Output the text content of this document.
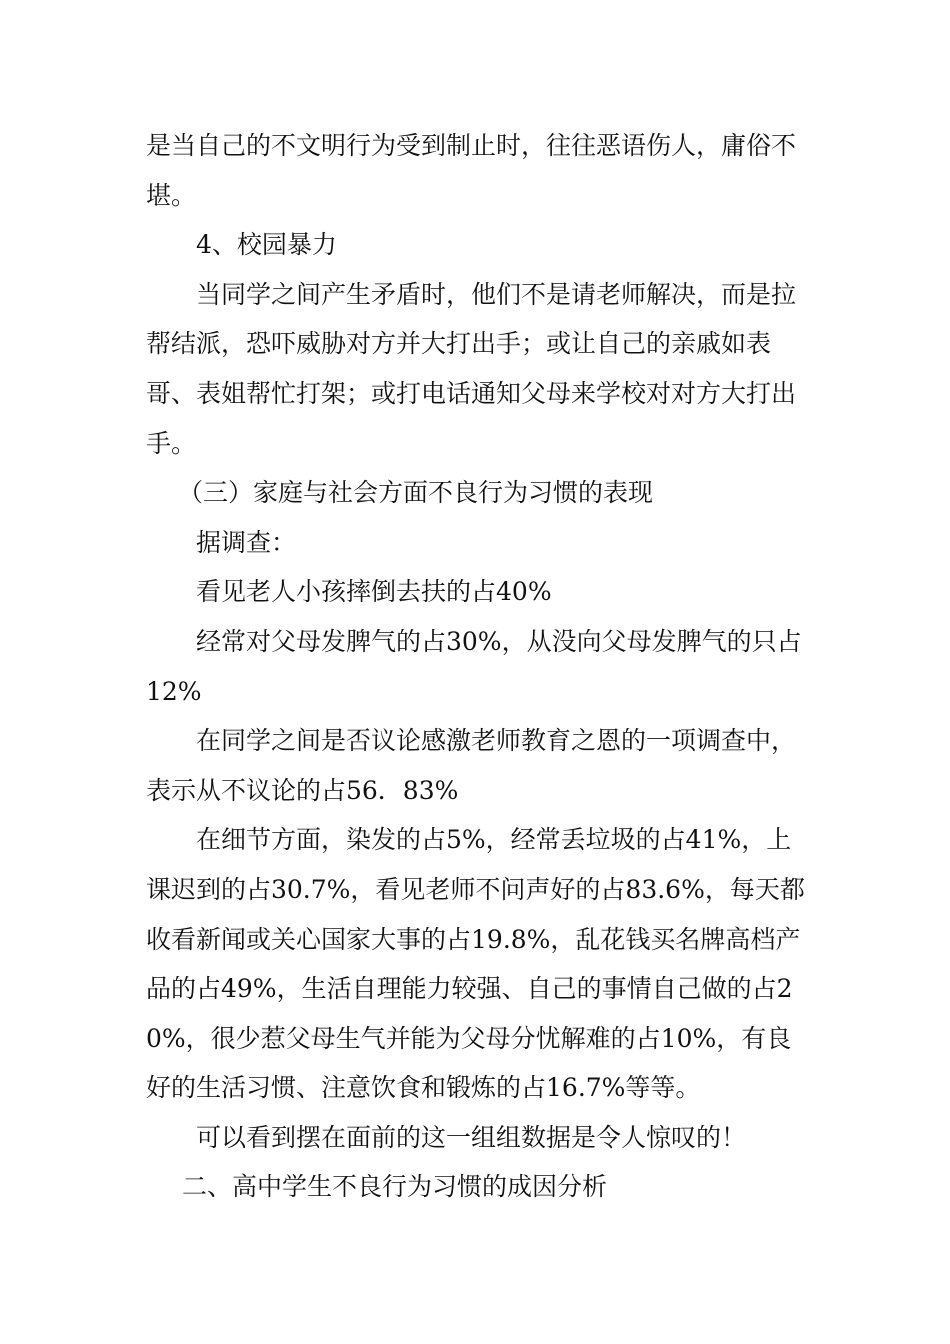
是当自己的不文明行为受到制止时，往往恶语伤人，庸俗不堪。

4、校园暴力

当同学之间产生矛盾时，他们不是请老师解决，而是拉帮结派，恐吓威胁对方并大打出手；或让自己的亲戚如表哥、表姐帮忙打架；或打电话通知父母来学校对对方大打出手。

（三）家庭与社会方面不良行为习惯的表现

据调查：

看见老人小孩摔倒去扶的占40%

经常对父母发脾气的占30%，从没向父母发脾气的只占12%

在同学之间是否议论感激老师教育之恩的一项调查中，表示从不议论的占56．83%

在细节方面，染发的占5%，经常丢垃圾的占41%，上课迟到的占30.7%，看见老师不问声好的占83.6%，每天都收看新闻或关心国家大事的占19.8%，乱花钱买名牌高档产品的占49%，生活自理能力较强、自己的事情自己做的占20%，很少惹父母生气并能为父母分忧解难的占10%，有良好的生活习惯、注意饮食和锻炼的占16.7%等等。

可以看到摆在面前的这一组组数据是令人惊叹的！

二、高中学生不良行为习惯的成因分析
